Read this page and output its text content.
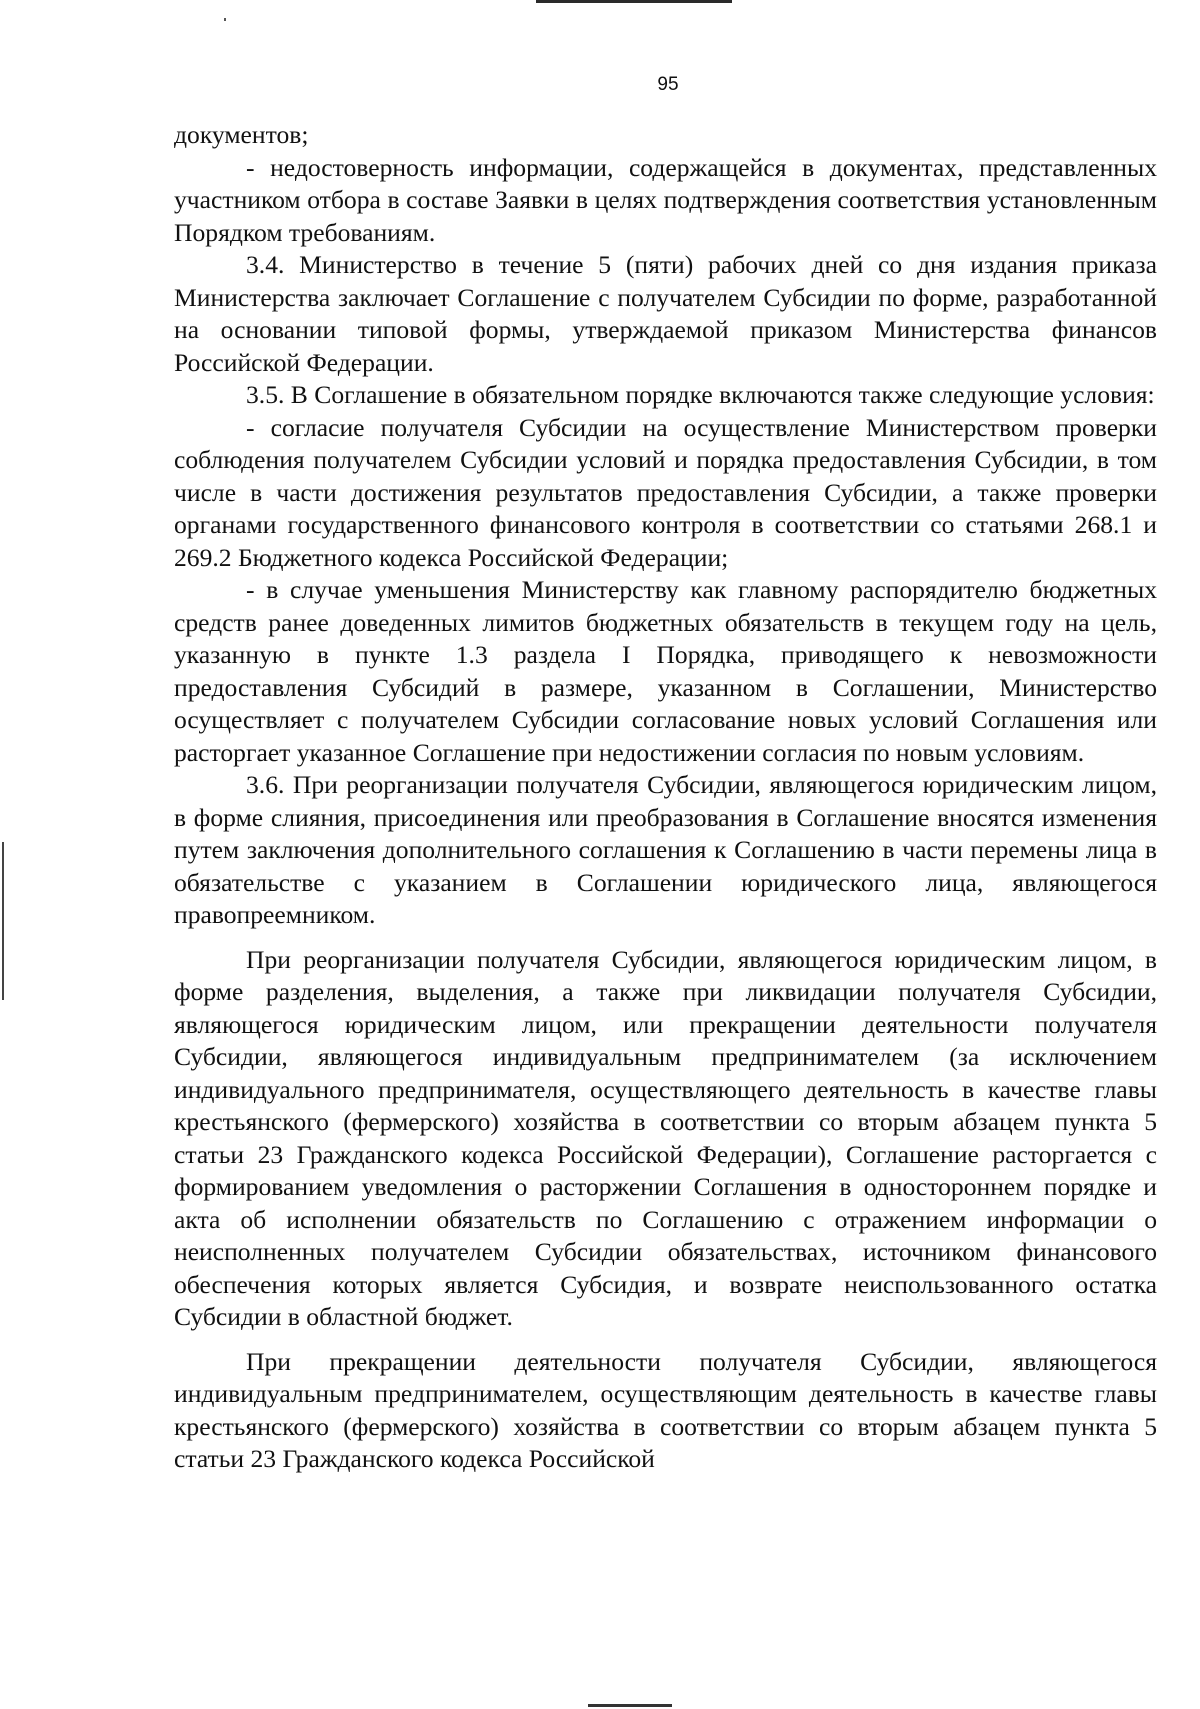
95

документов;

- недостоверность информации, содержащейся в документах, представленных участником отбора в составе Заявки в целях подтверждения соответствия установленным Порядком требованиям.

3.4. Министерство в течение 5 (пяти) рабочих дней со дня издания приказа Министерства заключает Соглашение с получателем Субсидии по форме, разработанной на основании типовой формы, утверждаемой приказом Министерства финансов Российской Федерации.

3.5. В Соглашение в обязательном порядке включаются также следующие условия:

- согласие получателя Субсидии на осуществление Министерством проверки соблюдения получателем Субсидии условий и порядка предоставления Субсидии, в том числе в части достижения результатов предоставления Субсидии, а также проверки органами государственного финансового контроля в соответствии со статьями 268.1 и 269.2 Бюджетного кодекса Российской Федерации;

- в случае уменьшения Министерству как главному распорядителю бюджетных средств ранее доведенных лимитов бюджетных обязательств в текущем году на цель, указанную в пункте 1.3 раздела I Порядка, приводящего к невозможности предоставления Субсидий в размере, указанном в Соглашении, Министерство осуществляет с получателем Субсидии согласование новых условий Соглашения или расторгает указанное Соглашение при недостижении согласия по новым условиям.

3.6. При реорганизации получателя Субсидии, являющегося юридическим лицом, в форме слияния, присоединения или преобразования в Соглашение вносятся изменения путем заключения дополнительного соглашения к Соглашению в части перемены лица в обязательстве с указанием в Соглашении юридического лица, являющегося правопреемником.

При реорганизации получателя Субсидии, являющегося юридическим лицом, в форме разделения, выделения, а также при ликвидации получателя Субсидии, являющегося юридическим лицом, или прекращении деятельности получателя Субсидии, являющегося индивидуальным предпринимателем (за исключением индивидуального предпринимателя, осуществляющего деятельность в качестве главы крестьянского (фермерского) хозяйства в соответствии со вторым абзацем пункта 5 статьи 23 Гражданского кодекса Российской Федерации), Соглашение расторгается с формированием уведомления о расторжении Соглашения в одностороннем порядке и акта об исполнении обязательств по Соглашению с отражением информации о неисполненных получателем Субсидии обязательствах, источником финансового обеспечения которых является Субсидия, и возврате неиспользованного остатка Субсидии в областной бюджет.

При прекращении деятельности получателя Субсидии, являющегося индивидуальным предпринимателем, осуществляющим деятельность в качестве главы крестьянского (фермерского) хозяйства в соответствии со вторым абзацем пункта 5 статьи 23 Гражданского кодекса Российской
